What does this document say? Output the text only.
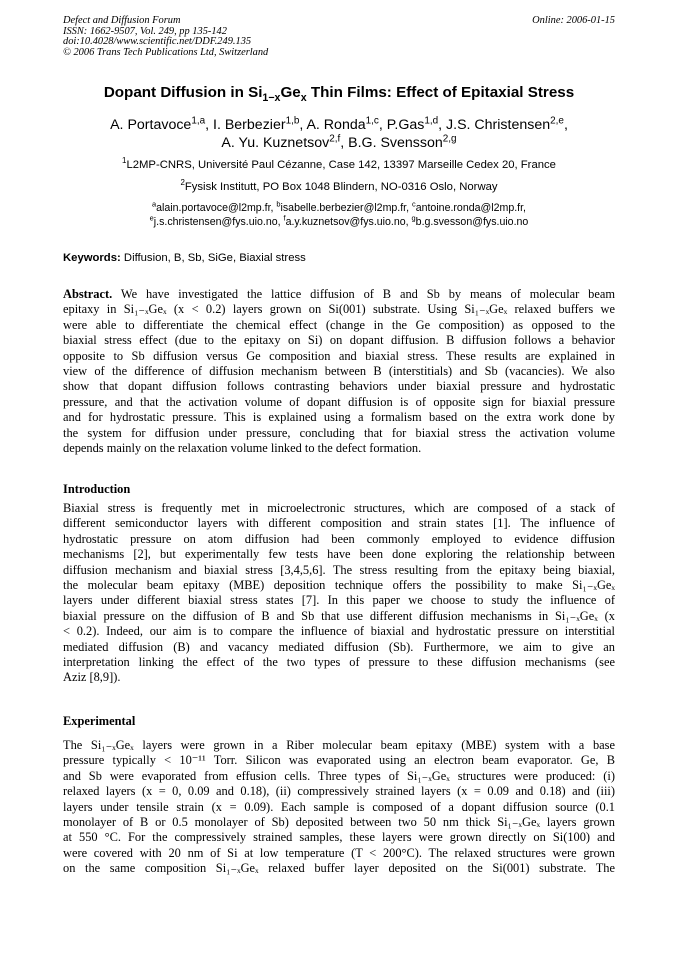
Defect and Diffusion Forum
ISSN: 1662-9507, Vol. 249, pp 135-142
doi:10.4028/www.scientific.net/DDF.249.135
© 2006 Trans Tech Publications Ltd, Switzerland
Online: 2006-01-15
Dopant Diffusion in $Si_{1-x}Ge_x$ Thin Films: Effect of Epitaxial Stress
A. Portavoce$^{1,a}$, I. Berbezier$^{1,b}$, A. Ronda$^{1,c}$, P.Gas$^{1,d}$, J.S. Christensen$^{2,e}$,
A. Yu. Kuznetsov$^{2,f}$, B.G. Svensson$^{2,g}$
$^1$L2MP-CNRS, Université Paul Cézanne, Case 142, 13397 Marseille Cedex 20, France
$^2$Fysisk Institutt, PO Box 1048 Blindern, NO-0316 Oslo, Norway
$^a$alain.portavoce@l2mp.fr, $^b$isabelle.berbezier@l2mp.fr, $^c$antoine.ronda@l2mp.fr,
$^e$j.s.christensen@fys.uio.no, $^f$a.y.kuznetsov@fys.uio.no, $^g$b.g.svesson@fys.uio.no
Keywords: Diffusion, B, Sb, SiGe, Biaxial stress
Abstract. We have investigated the lattice diffusion of B and Sb by means of molecular beam
epitaxy in Si₁₋ₓGeₓ (x < 0.2) layers grown on Si(001) substrate. Using Si₁₋ₓGeₓ relaxed buffers we
were able to differentiate the chemical effect (change in the Ge composition) as opposed to the
biaxial stress effect (due to the epitaxy on Si) on dopant diffusion. B diffusion follows a behavior
opposite to Sb diffusion versus Ge composition and biaxial stress. These results are explained in
view of the difference of diffusion mechanism between B (interstitials) and Sb (vacancies). We also
show that dopant diffusion follows contrasting behaviors under biaxial pressure and hydrostatic
pressure, and that the activation volume of dopant diffusion is of opposite sign for biaxial pressure
and for hydrostatic pressure. This is explained using a formalism based on the extra work done by
the system for diffusion under pressure, concluding that for biaxial stress the activation volume
depends mainly on the relaxation volume linked to the defect formation.
Introduction
Biaxial stress is frequently met in microelectronic structures, which are composed of a stack of
different semiconductor layers with different composition and strain states [1]. The influence of
hydrostatic pressure on atom diffusion had been commonly employed to evidence diffusion
mechanisms [2], but experimentally few tests have been done exploring the relationship between
diffusion mechanism and biaxial stress [3,4,5,6]. The stress resulting from the epitaxy being biaxial,
the molecular beam epitaxy (MBE) deposition technique offers the possibility to make Si₁₋ₓGeₓ
layers under different biaxial stress states [7]. In this paper we choose to study the influence of
biaxial pressure on the diffusion of B and Sb that use different diffusion mechanisms in Si₁₋ₓGeₓ (x
< 0.2). Indeed, our aim is to compare the influence of biaxial and hydrostatic pressure on interstitial
mediated diffusion (B) and vacancy mediated diffusion (Sb). Furthermore, we aim to give an
interpretation linking the effect of the two types of pressure to these diffusion mechanisms (see
Aziz [8,9]).
Experimental
The Si₁₋ₓGeₓ layers were grown in a Riber molecular beam epitaxy (MBE) system with a base
pressure typically < 10⁻¹¹ Torr. Silicon was evaporated using an electron beam evaporator. Ge, B
and Sb were evaporated from effusion cells. Three types of Si₁₋ₓGeₓ structures were produced: (i)
relaxed layers (x = 0, 0.09 and 0.18), (ii) compressively strained layers (x = 0.09 and 0.18) and (iii)
layers under tensile strain (x = 0.09). Each sample is composed of a dopant diffusion source (0.1
monolayer of B or 0.5 monolayer of Sb) deposited between two 50 nm thick Si₁₋ₓGeₓ layers grown
at 550 °C. For the compressively strained samples, these layers were grown directly on Si(100) and
were covered with 20 nm of Si at low temperature (T < 200°C). The relaxed structures were grown
on the same composition Si₁₋ₓGeₓ relaxed buffer layer deposited on the Si(001) substrate. The
